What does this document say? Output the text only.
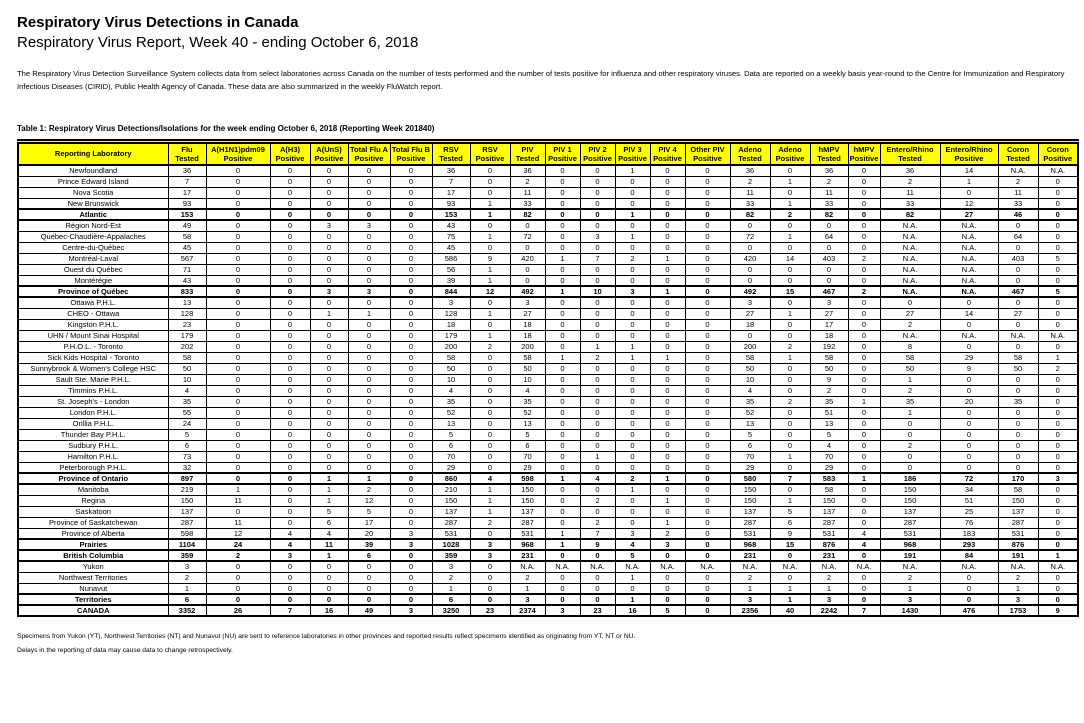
Respiratory Virus Detections in Canada
Respiratory Virus Report, Week 40 - ending October 6, 2018
The Respiratory Virus Detection Surveillance System collects data from select laboratories across Canada on the number of tests performed and the number of tests positive for influenza and other respiratory viruses. Data are reported on a weekly basis year-round to the Centre for Immunization and Respiratory Infectious Diseases (CIRID), Public Health Agency of Canada. These data are also summarized in the weekly FluWatch report.
Table 1: Respiratory Virus Detections/Isolations for the week ending October 6, 2018 (Reporting Week 201840)
Reporting Laboratory	Flu Tested	A(H1N1)pdm09 Positive	A(H3) Positive	A(UnS) Positive	Total Flu A Positive	Total Flu B Positive	RSV Tested	RSV Positive	PIV Tested	PIV 1 Positive	PIV 2 Positive	PIV 3 Positive	PIV 4 Positive	Other PIV Positive	Adeno Tested	Adeno Positive	hMPV Tested	hMPV Positive	Entero/Rhino Tested	Entero/Rhino Positive	Coron Tested	Coron Positive
Newfoundland	36	0	0	0	0	0	36	0	36	0	0	1	0	0	36	0	36	0	36	14	N.A.	N.A.
Prince Edward Island	7	0	0	0	0	0	7	0	2	0	0	0	0	0	2	1	2	0	2	1	2	0
Nova Scotia	17	0	0	0	0	0	17	0	11	0	0	0	0	0	11	0	11	0	11	0	11	0
New Brunswick	93	0	0	0	0	0	93	1	33	0	0	0	0	0	33	1	33	0	33	12	33	0
Atlantic	153	0	0	0	0	0	153	1	82	0	0	1	0	0	82	2	82	0	82	27	46	0
Région Nord-Est	49	0	0	3	3	0	43	0	0	0	0	0	0	0	0	0	0	0	N.A.	N.A.	0	0
Québec-Chaudière-Appalaches	58	0	0	0	0	0	75	1	72	0	3	1	0	0	72	1	64	0	N.A.	N.A.	64	0
Centre-du-Québec	45	0	0	0	0	0	45	0	0	0	0	0	0	0	0	0	0	0	N.A.	N.A.	0	0
Montréal-Laval	567	0	0	0	0	0	586	9	420	1	7	2	1	0	420	14	403	2	N.A.	N.A.	403	5
Ouest du Québec	71	0	0	0	0	0	56	1	0	0	0	0	0	0	0	0	0	0	N.A.	N.A.	0	0
Montérégie	43	0	0	0	0	0	39	1	0	0	0	0	0	0	0	0	0	0	N.A.	N.A.	0	0
Province of Québec	833	0	0	3	3	0	844	12	492	1	10	3	1	0	492	15	467	2	N.A.	N.A.	467	5
Ottawa P.H.L.	13	0	0	0	0	0	3	0	3	0	0	0	0	0	3	0	3	0	0	0	0	0
CHEO - Ottawa	128	0	0	1	1	0	128	1	27	0	0	0	0	0	27	1	27	0	27	14	27	0
Kingston P.H.L.	23	0	0	0	0	0	18	0	18	0	0	0	0	0	18	0	17	0	2	0	0	0
UHN / Mount Sinai Hospital	179	0	0	0	0	0	179	1	18	0	0	0	0	0	0	0	18	0	N.A.	N.A.	N.A.	N.A.
P.H.O.L. - Toronto	202	0	0	0	0	0	200	2	200	0	1	1	0	0	200	2	192	0	8	0	0	0
Sick Kids Hospital - Toronto	58	0	0	0	0	0	58	0	58	1	2	1	1	0	58	1	58	0	58	29	58	1
Sunnybrook & Women's College HSC	50	0	0	0	0	0	50	0	50	0	0	0	0	0	50	0	50	0	50	9	50	2
Sault Ste. Marie P.H.L.	10	0	0	0	0	0	10	0	10	0	0	0	0	0	10	0	9	0	1	0	0	0
Timmins P.H.L.	4	0	0	0	0	0	4	0	4	0	0	0	0	0	4	0	2	0	2	0	0	0
St. Joseph's - London	35	0	0	0	0	0	35	0	35	0	0	0	0	0	35	2	35	1	35	20	35	0
London P.H.L.	55	0	0	0	0	0	52	0	52	0	0	0	0	0	52	0	51	0	1	0	0	0
Orillia P.H.L.	24	0	0	0	0	0	13	0	13	0	0	0	0	0	13	0	13	0	0	0	0	0
Thunder Bay P.H.L.	5	0	0	0	0	0	5	0	5	0	0	0	0	0	5	0	5	0	0	0	0	0
Sudbury P.H.L.	6	0	0	0	0	0	6	0	6	0	0	0	0	0	6	0	4	0	2	0	0	0
Hamilton P.H.L.	73	0	0	0	0	0	70	0	70	0	1	0	0	0	70	1	70	0	0	0	0	0
Peterborough P.H.L.	32	0	0	0	0	0	29	0	29	0	0	0	0	0	29	0	29	0	0	0	0	0
Province of Ontario	897	0	0	1	1	0	860	4	598	1	4	2	1	0	580	7	583	1	186	72	170	3
Manitoba	219	1	0	1	2	0	210	1	150	0	0	1	0	0	150	0	58	0	150	34	58	0
Regina	150	11	0	1	12	0	150	1	150	0	2	0	1	0	150	1	150	0	150	51	150	0
Saskatoon	137	0	0	5	5	0	137	1	137	0	0	0	0	0	137	5	137	0	137	25	137	0
Province of Saskatchewan	287	11	0	6	17	0	287	2	287	0	2	0	1	0	287	6	287	0	287	76	287	0
Province of Alberta	598	12	4	4	20	3	531	0	531	1	7	3	2	0	531	9	531	4	531	183	531	0
Prairies	1104	24	4	11	39	3	1028	3	968	1	9	4	3	0	968	15	876	4	968	293	876	0
British Columbia	359	2	3	1	6	0	359	3	231	0	0	5	0	0	231	0	231	0	191	84	191	1
Yukon	3	0	0	0	0	0	3	0	N.A.	N.A.	N.A.	N.A.	N.A.	N.A.	N.A.	N.A.	N.A.	N.A.	N.A.	N.A.	N.A.	N.A.
Northwest Territories	2	0	0	0	0	0	2	0	2	0	0	1	0	0	2	0	2	0	2	0	2	0
Nunavut	1	0	0	0	0	0	1	0	1	0	0	0	0	0	1	1	1	0	1	0	1	0
Territories	6	0	0	0	0	0	6	0	3	0	0	1	0	0	3	1	3	0	3	0	3	0
CANADA	3352	26	7	16	49	3	3250	23	2374	3	23	16	5	0	2356	40	2242	7	1430	476	1753	9

Specimens from Yukon (YT), Northwest Territories (NT) and Nunavut (NU) are sent to reference laboratories in other provinces and reported results reflect specimens identified as originating from YT, NT or NU.

Delays in the reporting of data may cause data to change retrospectively.
